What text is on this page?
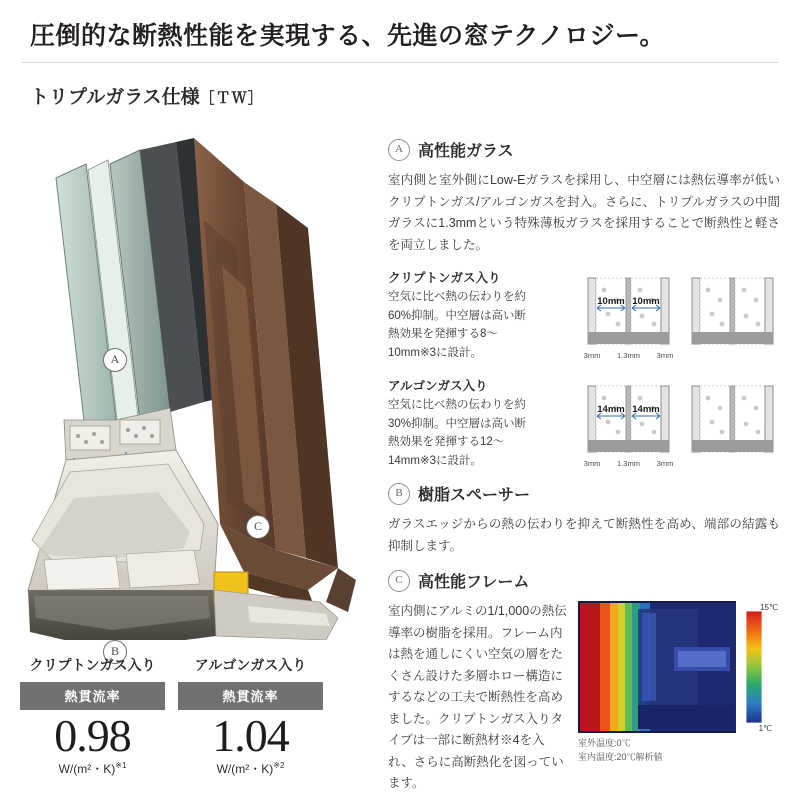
圧倒的な断熱性能を実現する、先進の窓テクノロジー。
トリプルガラス仕様［ＴＷ］
A
B
C
クリプトンガス入り
熱貫流率
0.98
W/(m²・K)$^{※1}$
アルゴンガス入り
熱貫流率
1.04
W/(m²・K)$^{※2}$
A 高性能ガラス
室内側と室外側にLow-Eガラスを採用し、中空層には熱伝導率が低いクリプトンガス/アルゴンガスを封入。さらに、トリプルガラスの中間ガラスに1.3mmという特殊薄板ガラスを採用することで断熱性と軽さを両立しました。
クリプトンガス入り
空気に比べ熱の伝わりを約60%抑制。中空層は高い断熱効果を発揮する8～10mm※3に設計。
10mm 10mm
3mm 1.3mm 3mm
アルゴンガス入り
空気に比べ熱の伝わりを約30%抑制。中空層は高い断熱効果を発揮する12～14mm※3に設計。
14mm 14mm
3mm 1.3mm 3mm
B 樹脂スペーサー
ガラスエッジからの熱の伝わりを抑えて断熱性を高め、端部の結露も抑制します。
C 高性能フレーム
室内側にアルミの1/1,000の熱伝導率の樹脂を採用。フレーム内は熱を通しにくい空気の層をたくさん設けた多層ホロー構造にするなどの工夫で断熱性を高めました。クリプトンガス入りタイプは一部に断熱材※4を入れ、さらに高断熱化を図っています。
15℃
1℃
室外温度:0℃
室内温度:20℃解析値
